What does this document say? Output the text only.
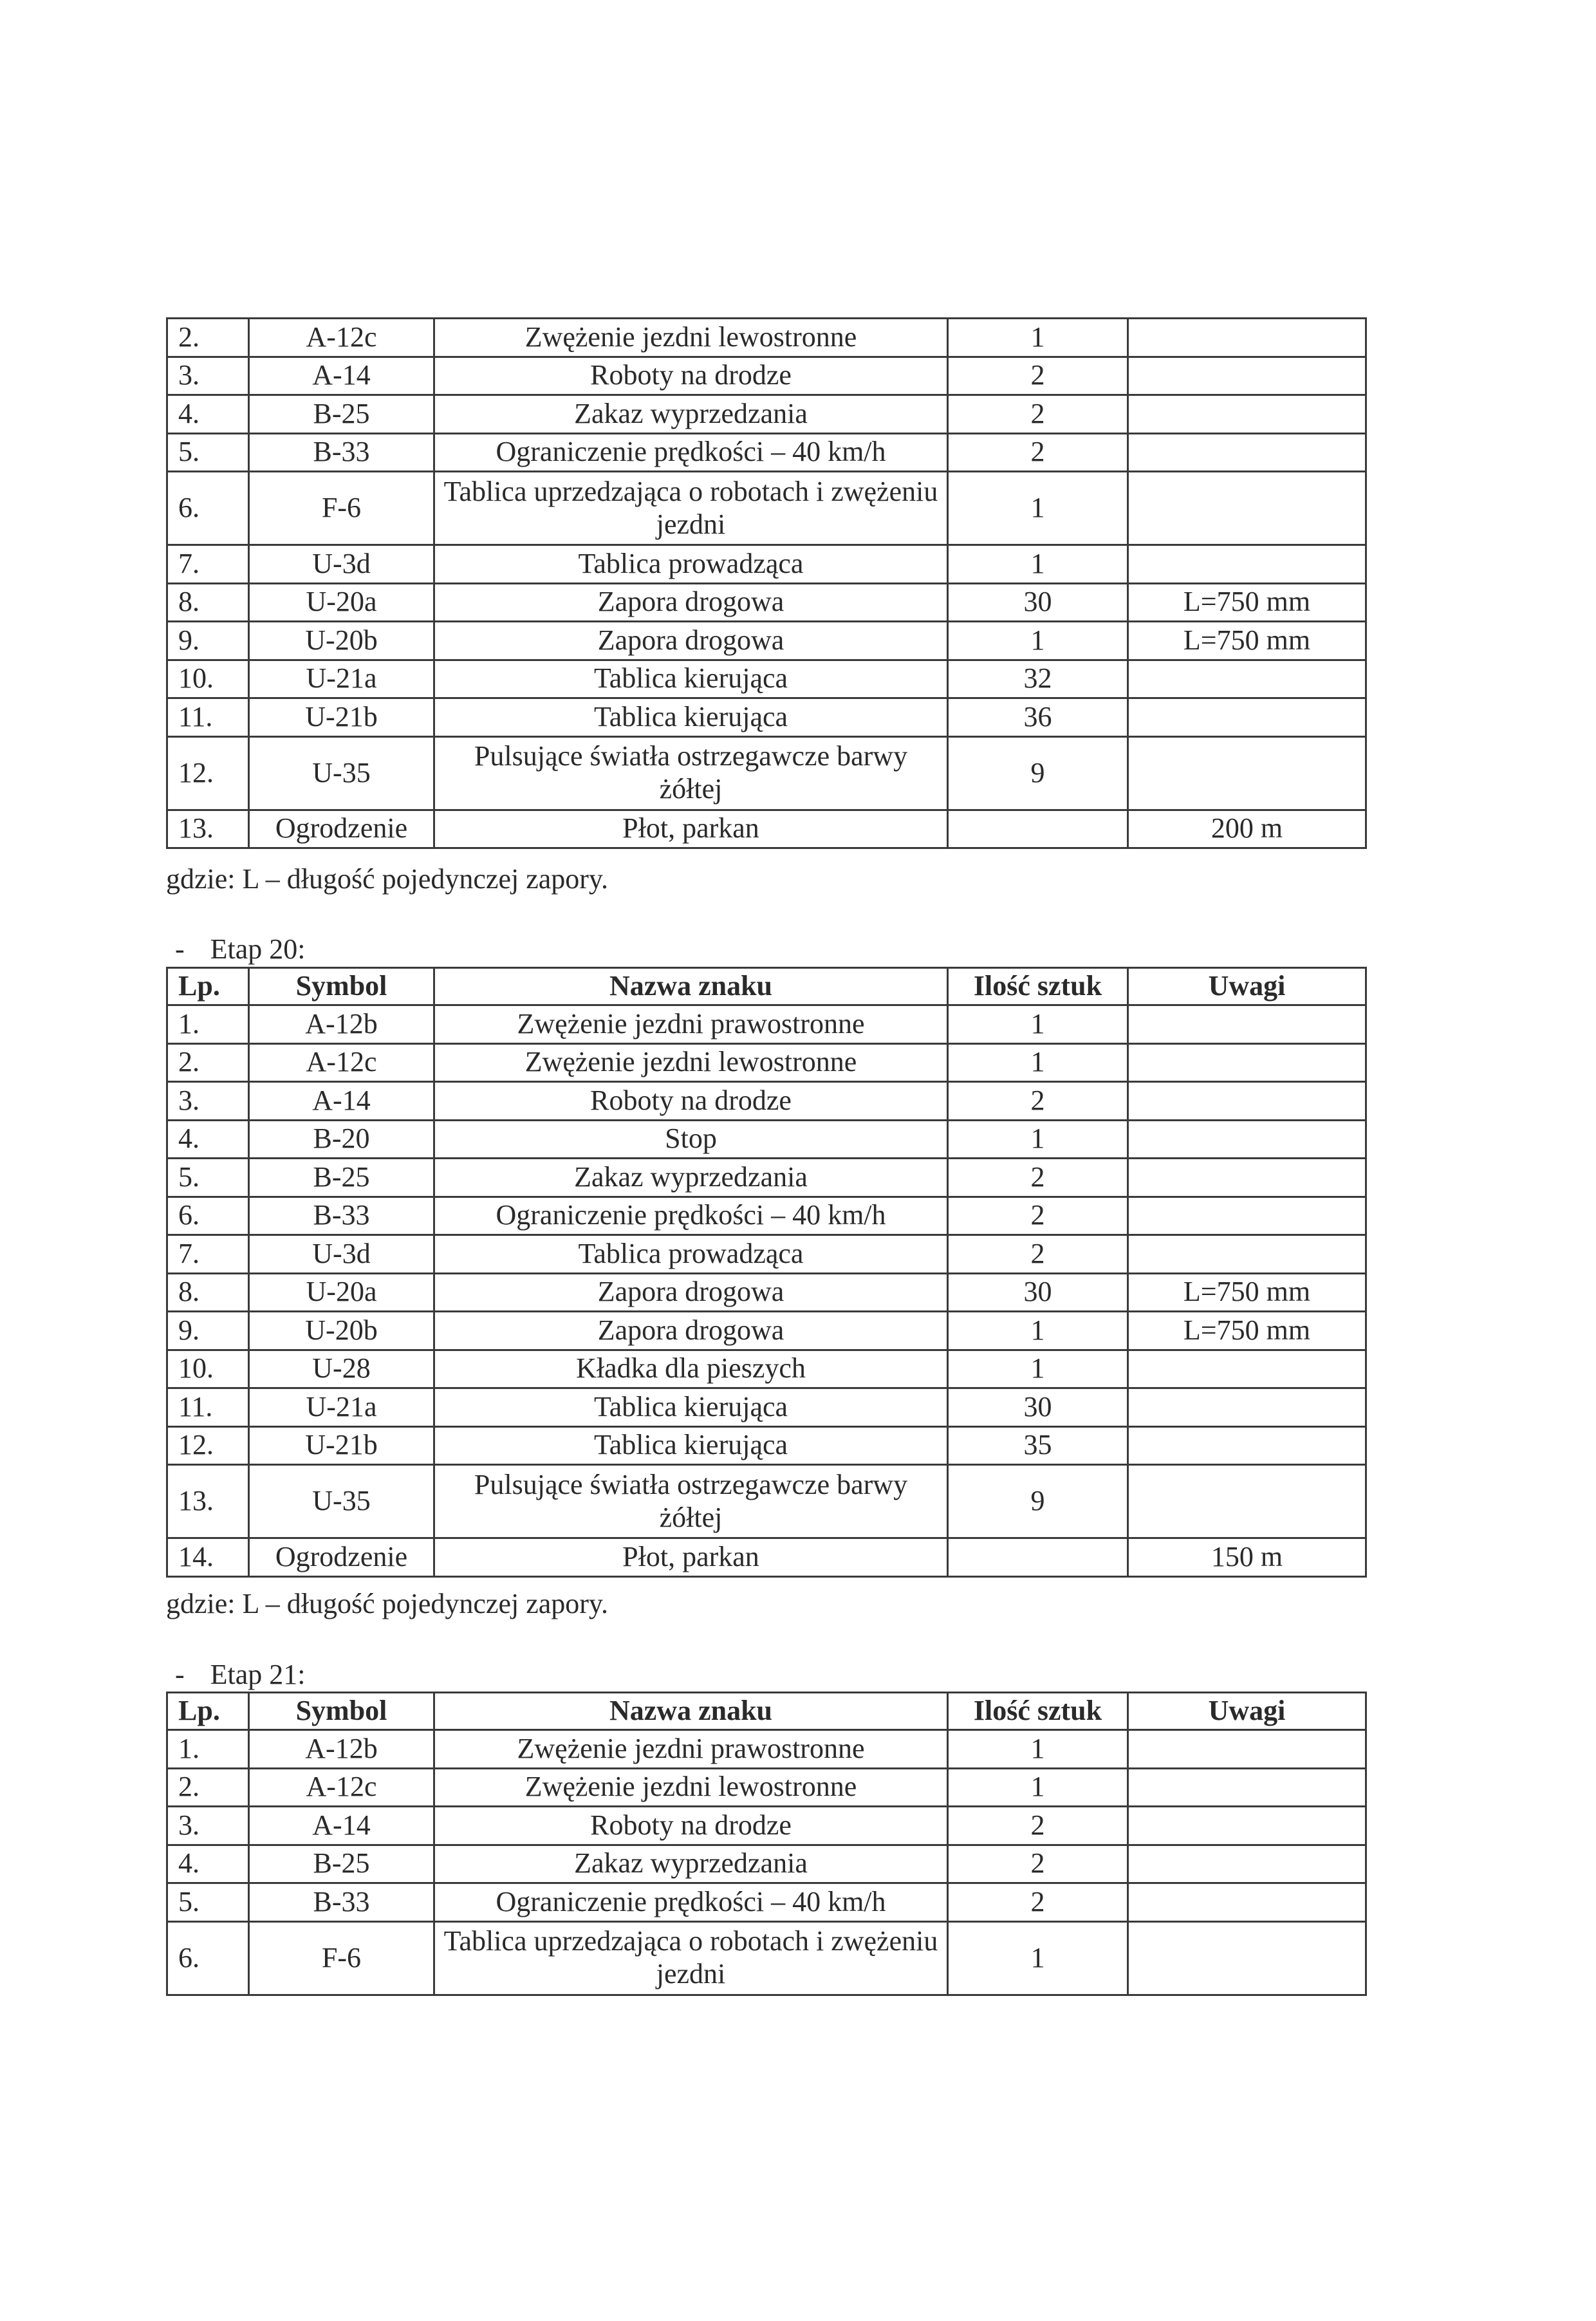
2.	A-12c	Zwężenie jezdni lewostronne	1	
3.	A-14	Roboty na drodze	2	
4.	B-25	Zakaz wyprzedzania	2	
5.	B-33	Ograniczenie prędkości – 40 km/h	2	
6.	F-6	Tablica uprzedzająca o robotach i zwężeniu jezdni	1	
7.	U-3d	Tablica prowadząca	1	
8.	U-20a	Zapora drogowa	30	L=750 mm
9.	U-20b	Zapora drogowa	1	L=750 mm
10.	U-21a	Tablica kierująca	32	
11.	U-21b	Tablica kierująca	36	
12.	U-35	Pulsujące światła ostrzegawcze barwy żółtej	9	
13.	Ogrodzenie	Płot, parkan		200 m
gdzie: L – długość pojedynczej zapory.
- Etap 20:
Lp.	Symbol	Nazwa znaku	Ilość sztuk	Uwagi
1.	A-12b	Zwężenie jezdni prawostronne	1	
2.	A-12c	Zwężenie jezdni lewostronne	1	
3.	A-14	Roboty na drodze	2	
4.	B-20	Stop	1	
5.	B-25	Zakaz wyprzedzania	2	
6.	B-33	Ograniczenie prędkości – 40 km/h	2	
7.	U-3d	Tablica prowadząca	2	
8.	U-20a	Zapora drogowa	30	L=750 mm
9.	U-20b	Zapora drogowa	1	L=750 mm
10.	U-28	Kładka dla pieszych	1	
11.	U-21a	Tablica kierująca	30	
12.	U-21b	Tablica kierująca	35	
13.	U-35	Pulsujące światła ostrzegawcze barwy żółtej	9	
14.	Ogrodzenie	Płot, parkan		150 m
gdzie: L – długość pojedynczej zapory.
- Etap 21:
Lp.	Symbol	Nazwa znaku	Ilość sztuk	Uwagi
1.	A-12b	Zwężenie jezdni prawostronne	1	
2.	A-12c	Zwężenie jezdni lewostronne	1	
3.	A-14	Roboty na drodze	2	
4.	B-25	Zakaz wyprzedzania	2	
5.	B-33	Ograniczenie prędkości – 40 km/h	2	
6.	F-6	Tablica uprzedzająca o robotach i zwężeniu jezdni	1	
